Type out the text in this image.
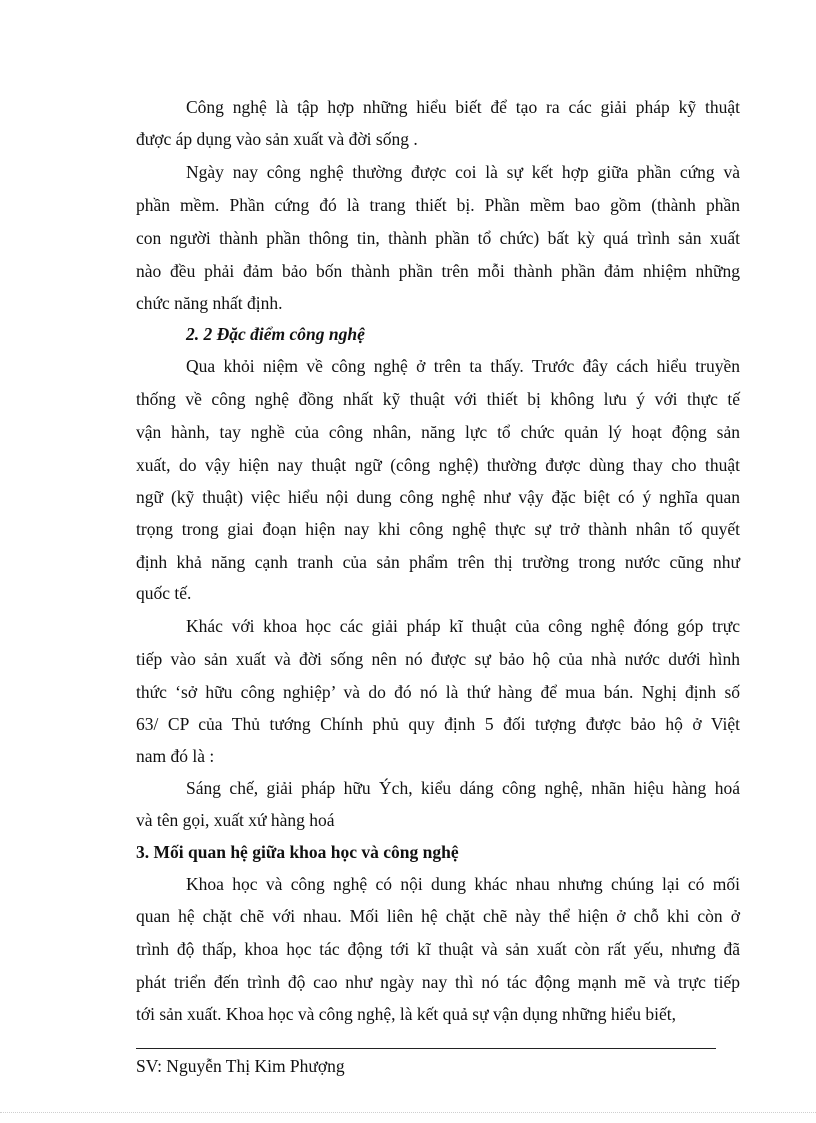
Công nghệ là tập hợp những hiểu biết để tạo ra các giải pháp kỹ thuật
được áp dụng vào sản xuất và đời sống .
Ngày nay công nghệ thường được coi là sự kết hợp giữa phần cứng và
phần mềm. Phần cứng đó là trang thiết bị. Phần mềm bao gồm (thành phần
con người thành phần thông tin, thành phần tổ chức) bất kỳ quá trình sản xuất
nào đều phải đảm bảo bốn thành phần trên mỗi thành phần đảm nhiệm những
chức năng nhất định.
2. 2 Đặc điểm công nghệ
Qua khỏi niệm về công nghệ ở trên ta thấy. Trước đây cách hiểu truyền
thống về công nghệ đồng nhất kỹ thuật với thiết bị không lưu ý với thực tế
vận hành, tay nghề của công nhân, năng lực tổ chức quản lý hoạt động sản
xuất, do vậy hiện nay thuật ngữ (công nghệ) thường được dùng thay cho thuật
ngữ (kỹ thuật) việc hiểu nội dung công nghệ như vậy đặc biệt có ý nghĩa quan
trọng trong giai đoạn hiện nay khi công nghệ thực sự trở thành nhân tố quyết
định khả năng cạnh tranh của sản phẩm trên thị trường trong nước cũng như
quốc tế.
Khác với khoa học các giải pháp kĩ thuật của công nghệ đóng góp trực
tiếp vào sản xuất và đời sống nên nó được sự bảo hộ của nhà nước dưới hình
thức ‘sở hữu công nghiệp’ và do đó nó là thứ hàng để mua bán. Nghị định số
63/ CP của Thủ tướng Chính phủ quy định 5 đối tượng được bảo hộ ở Việt
nam đó là :
Sáng chế, giải pháp hữu Ých, kiểu dáng công nghệ, nhãn hiệu hàng hoá
và tên gọi, xuất xứ hàng hoá
3. Mối quan hệ giữa khoa học và công nghệ
Khoa học và công nghệ có nội dung khác nhau nhưng chúng lại có mối
quan hệ chặt chẽ với nhau. Mối liên hệ chặt chẽ này thể hiện ở chỗ khi còn ở
trình độ thấp, khoa học tác động tới kĩ thuật và sản xuất còn rất yếu, nhưng đã
phát triển đến trình độ cao như ngày nay thì nó tác động mạnh mẽ và trực tiếp
tới sản xuất. Khoa học và công nghệ, là kết quả sự vận dụng những hiểu biết,
SV: Nguyễn Thị Kim Phượng
